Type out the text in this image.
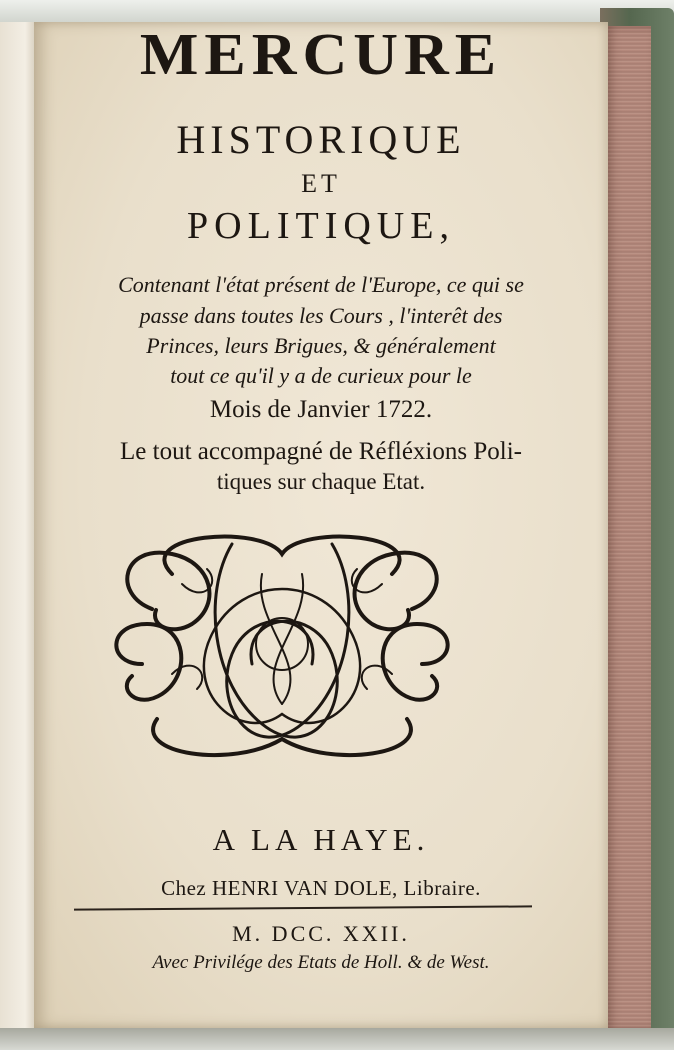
MERCURE

HISTORIQUE

ET

POLITIQUE,

Contenant l'état présent de l'Europe, ce qui se

passe dans toutes les Cours , l'interêt des

Princes, leurs Brigues, & généralement

tout ce qu'il y a de curieux pour le

Mois de Janvier 1722.

Le tout accompagné de Réfléxions Poli-

tiques sur chaque Etat.

A LA HAYE.

Chez HENRI VAN DOLE, Libraire.

M. DCC. XXII.

Avec Privilége des Etats de Holl. & de West.
